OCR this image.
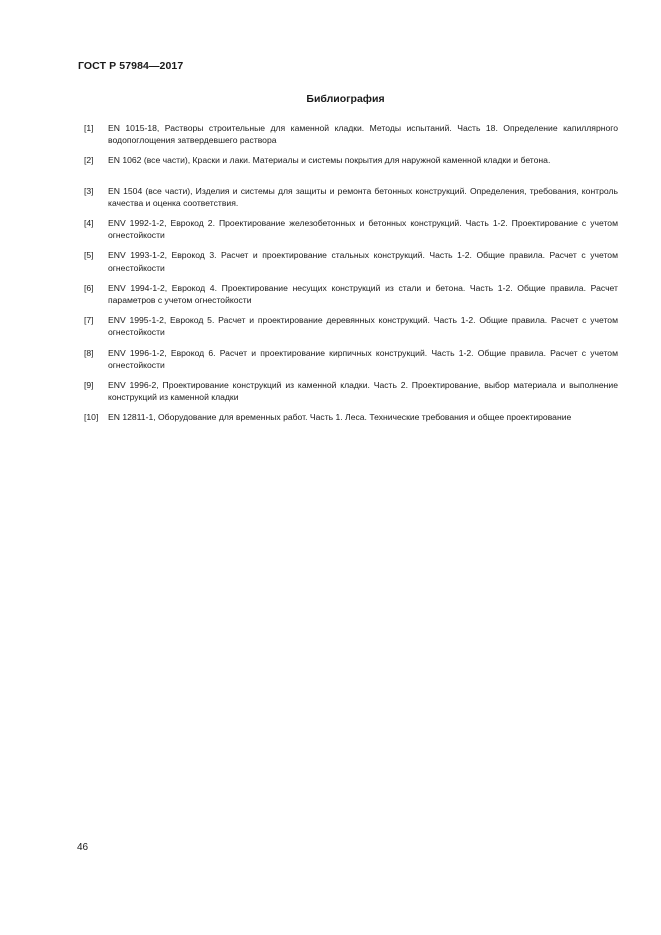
ГОСТ Р 57984—2017
Библиография
[1]	EN 1015-18, Растворы строительные для каменной кладки. Методы испытаний. Часть 18. Определение капиллярного водопоглощения затвердевшего раствора
[2]	EN 1062 (все части), Краски и лаки. Материалы и системы покрытия для наружной каменной кладки и бетона.
[3]	EN 1504 (все части), Изделия и системы для защиты и ремонта бетонных конструкций. Определения, требования, контроль качества и оценка соответствия.
[4]	ENV 1992-1-2, Еврокод 2. Проектирование железобетонных и бетонных конструкций. Часть 1-2. Проектирование с учетом огнестойкости
[5]	ENV 1993-1-2, Еврокод 3. Расчет и проектирование стальных конструкций. Часть 1-2. Общие правила. Расчет с учетом огнестойкости
[6]	ENV 1994-1-2, Еврокод 4. Проектирование несущих конструкций из стали и бетона. Часть 1-2. Общие правила. Расчет параметров с учетом огнестойкости
[7]	ENV 1995-1-2, Еврокод 5. Расчет и проектирование деревянных конструкций. Часть 1-2. Общие правила. Расчет с учетом огнестойкости
[8]	ENV 1996-1-2, Еврокод 6. Расчет и проектирование кирпичных конструкций. Часть 1-2. Общие правила. Расчет с учетом огнестойкости
[9]	ENV 1996-2, Проектирование конструкций из каменной кладки. Часть 2. Проектирование, выбор материала и выполнение конструкций из каменной кладки
[10]	EN 12811-1, Оборудование для временных работ. Часть 1. Леса. Технические требования и общее проектирование
46
